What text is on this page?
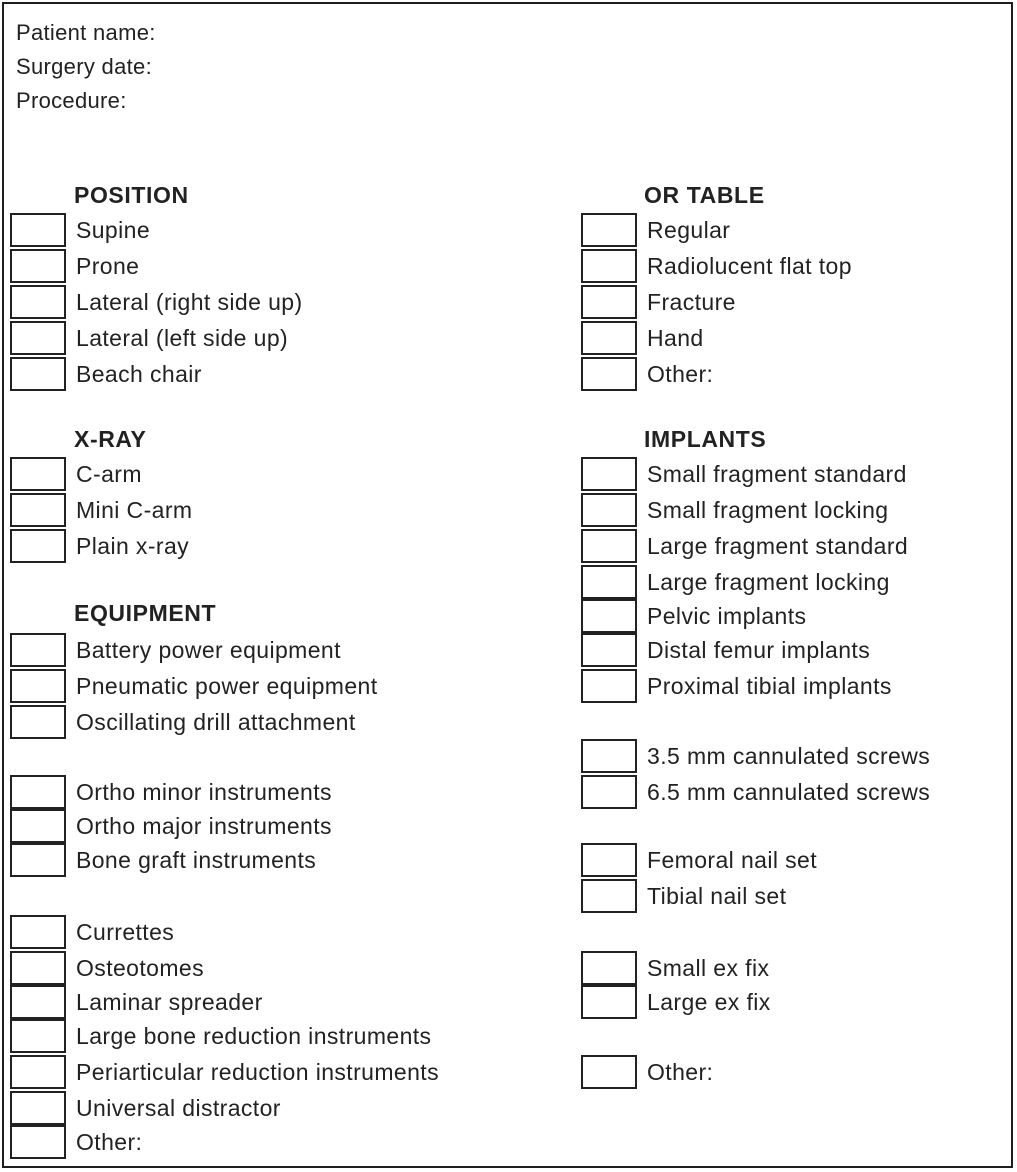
Patient name:
Surgery date:
Procedure:
POSITION
Supine
Prone
Lateral (right side up)
Lateral (left side up)
Beach chair
X-RAY
C-arm
Mini C-arm
Plain x-ray
EQUIPMENT
Battery power equipment
Pneumatic power equipment
Oscillating drill attachment
Ortho minor instruments
Ortho major instruments
Bone graft instruments
Currettes
Osteotomes
Laminar spreader
Large bone reduction instruments
Periarticular reduction instruments
Universal distractor
Other:
OR TABLE
Regular
Radiolucent flat top
Fracture
Hand
Other:
IMPLANTS
Small fragment standard
Small fragment locking
Large fragment standard
Large fragment locking
Pelvic implants
Distal femur implants
Proximal tibial implants
3.5 mm cannulated screws
6.5 mm cannulated screws
Femoral nail set
Tibial nail set
Small ex fix
Large ex fix
Other:
